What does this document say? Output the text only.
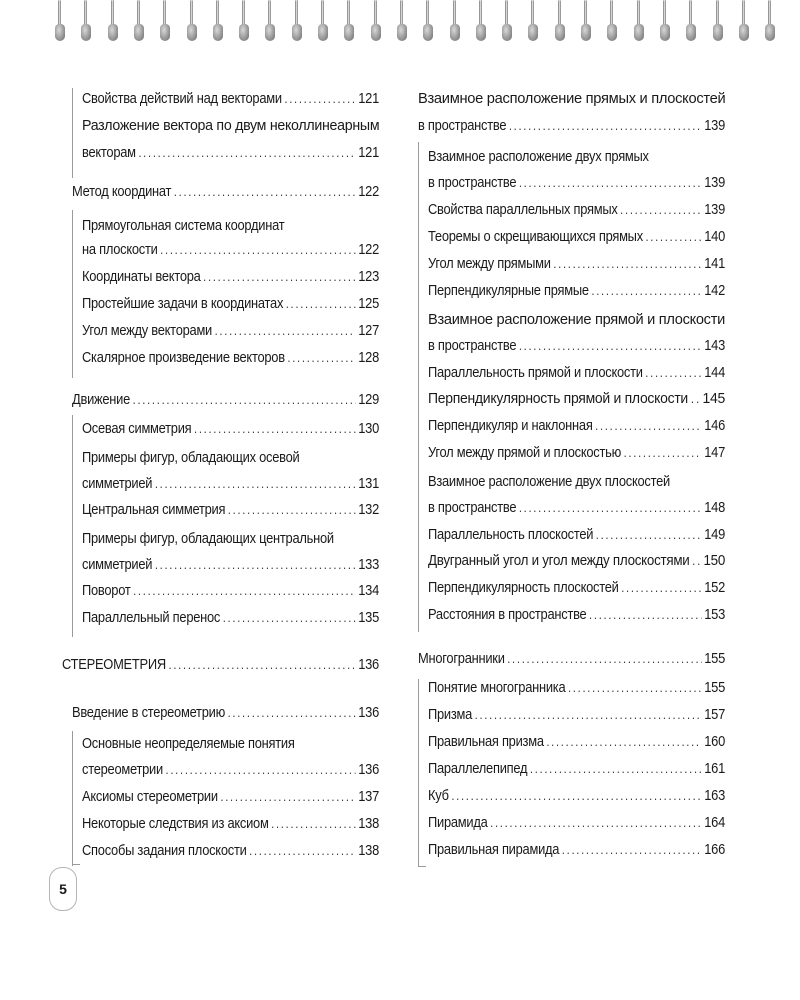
Свойства действий над векторами .....	121
Разложение вектора по двум неколлинеарным
векторам .....	121
Метод координат .....	122
Прямоугольная система координат
на плоскости .....	122
Координаты вектора .....	123
Простейшие задачи в координатах .....	125
Угол между векторами .....	127
Скалярное произведение векторов .....	128
Движение .....	129
Осевая симметрия .....	130
Примеры фигур, обладающих осевой
симметрией .....	131
Центральная симметрия .....	132
Примеры фигур, обладающих центральной
симметрией .....	133
Поворот .....	134
Параллельный перенос .....	135
СТЕРЕОМЕТРИЯ .....	136
Введение в стереометрию .....	136
Основные неопределяемые понятия
стереометрии .....	136
Аксиомы стереометрии .....	137
Некоторые следствия из аксиом .....	138
Способы задания плоскости .....	138
Взаимное расположение прямых и плоскостей
в пространстве .....	139
Взаимное расположение двух прямых
в пространстве .....	139
Свойства параллельных прямых .....	139
Теоремы о скрещивающихся прямых .....	140
Угол между прямыми .....	141
Перпендикулярные прямые .....	142
Взаимное расположение прямой и плоскости
в пространстве .....	143
Параллельность прямой и плоскости .....	144
Перпендикулярность прямой и плоскости ..... 145
Перпендикуляр и наклонная .....	146
Угол между прямой и плоскостью .....	147
Взаимное расположение двух плоскостей
в пространстве .....	148
Параллельность плоскостей .....	149
Двугранный угол и угол между плоскостями ..... 150
Перпендикулярность плоскостей .....	152
Расстояния в пространстве .....	153
Многогранники .....	155
Понятие многогранника .....	155
Призма .....	157
Правильная призма .....	160
Параллелепипед .....	161
Куб .....	163
Пирамида .....	164
Правильная пирамида .....	166
5
